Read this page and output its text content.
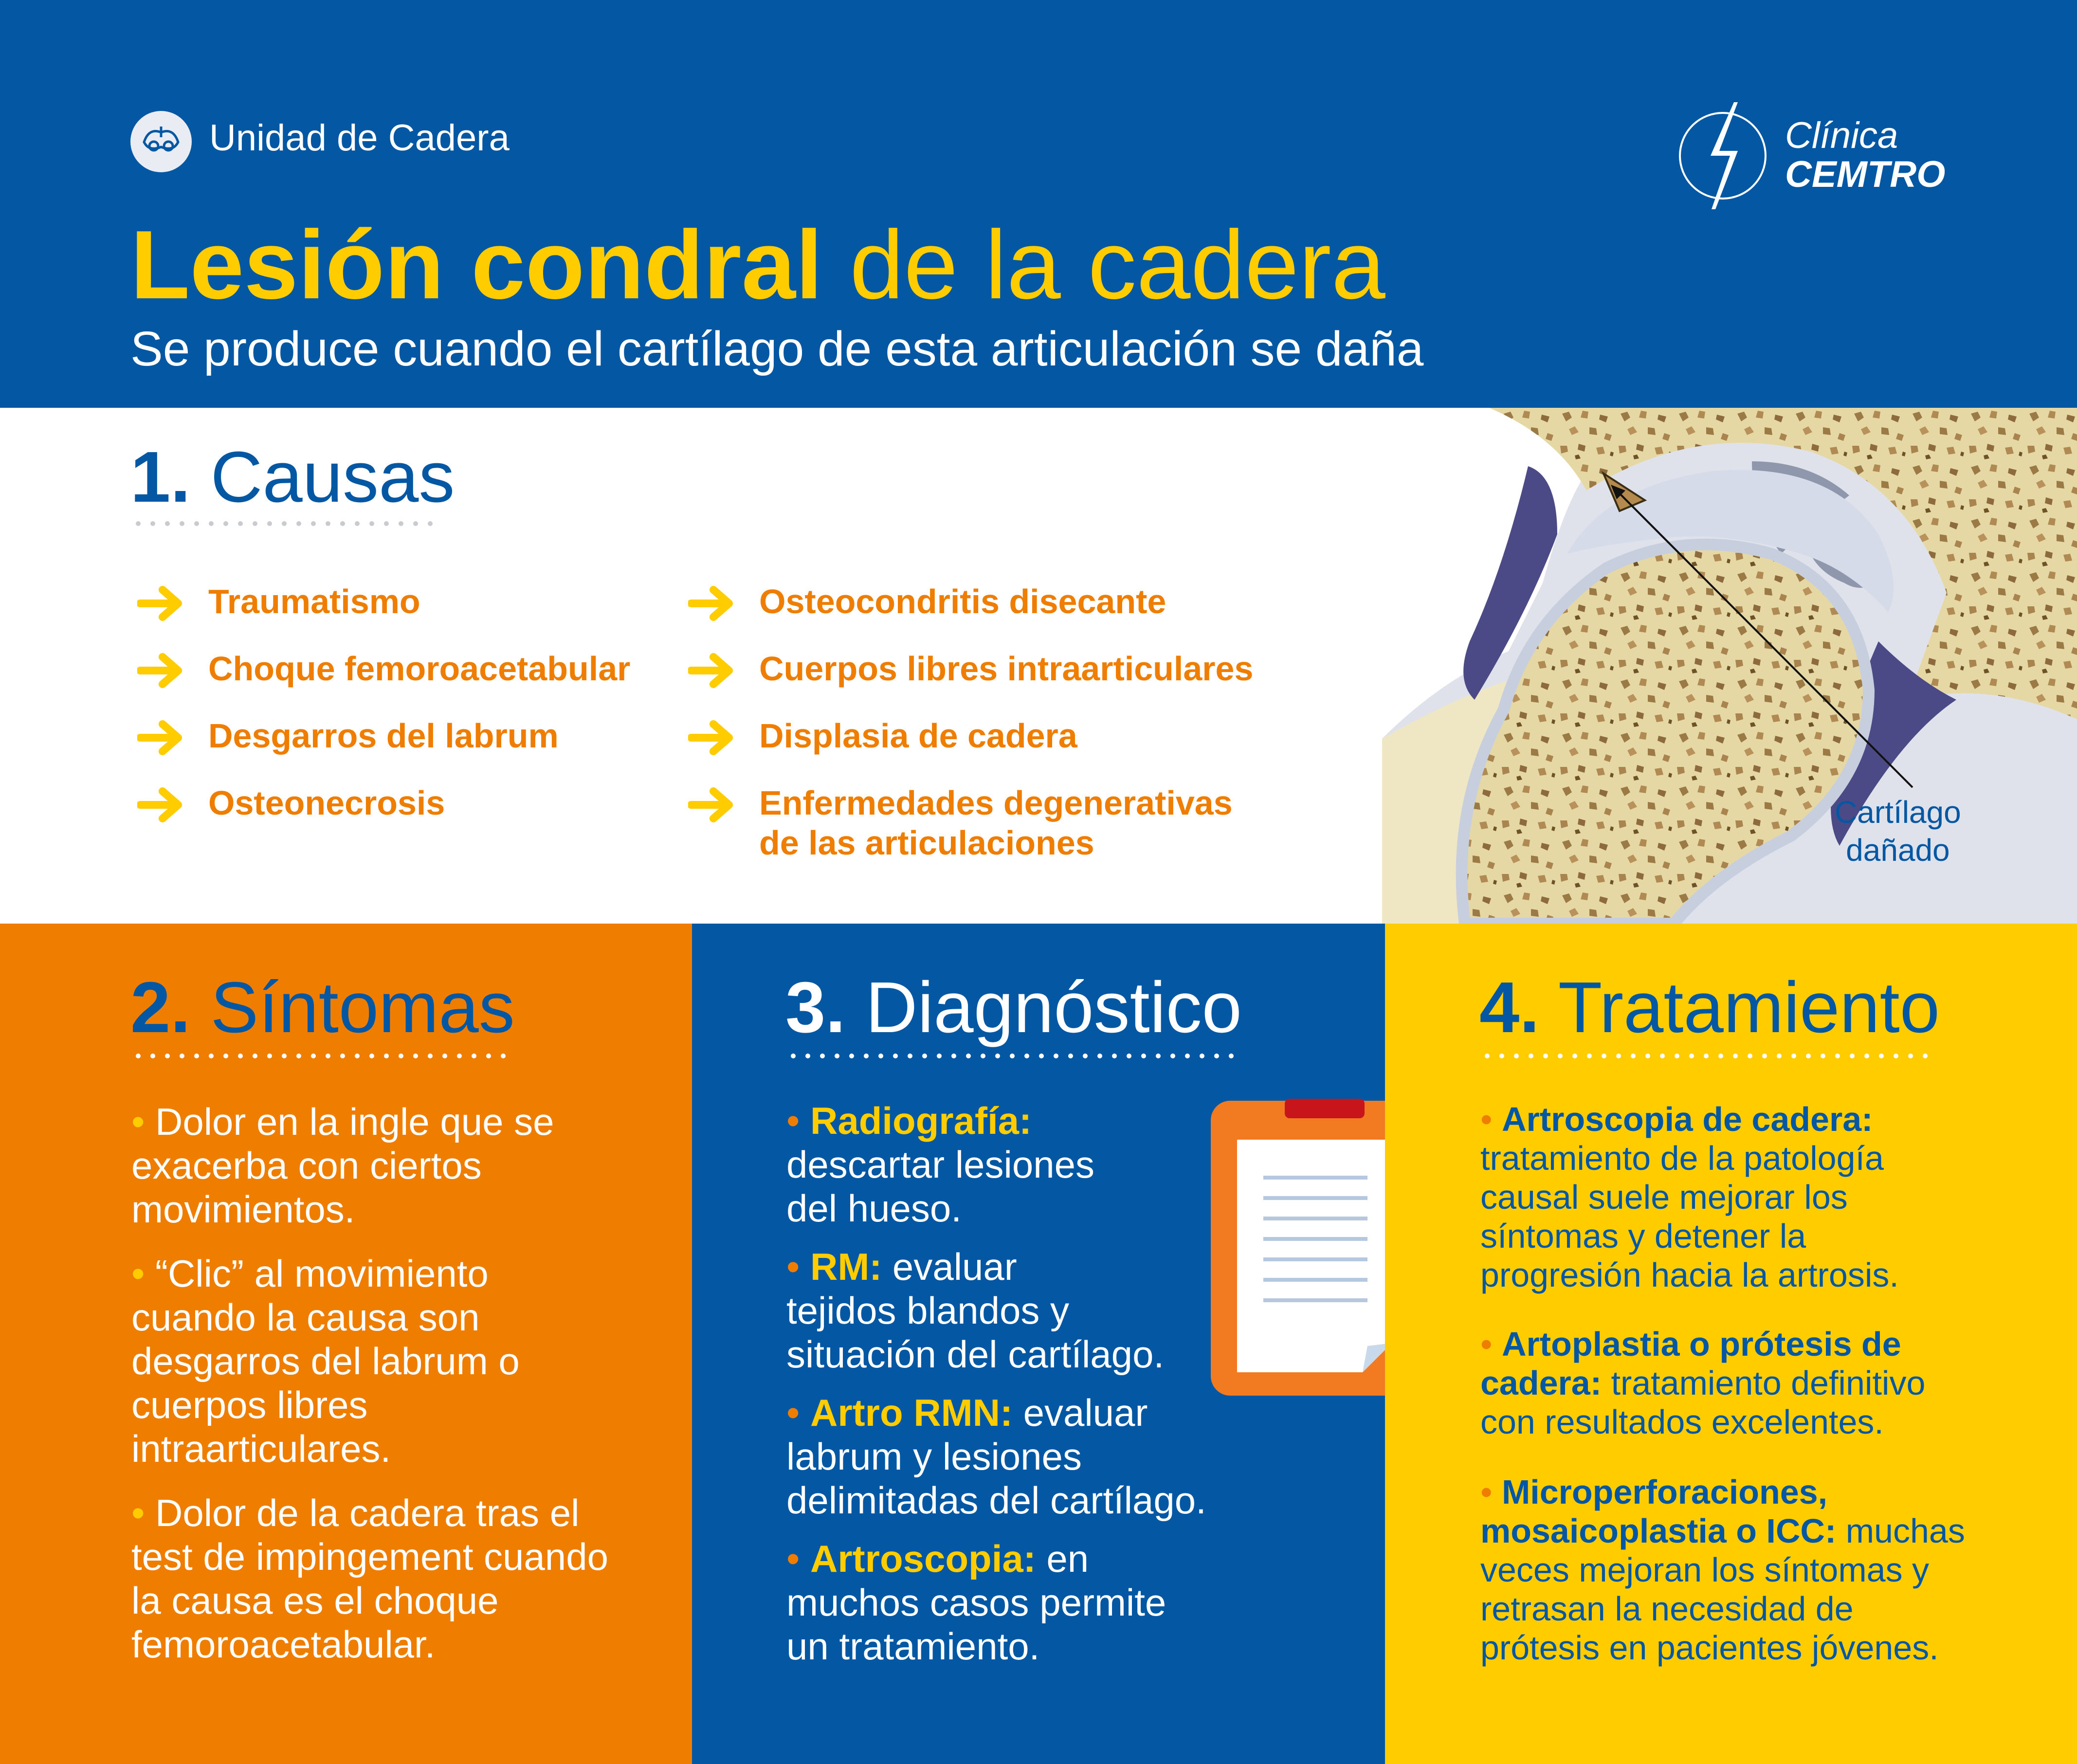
Unidad de Cadera	Clínica
CEMTRO
Lesión condral de la cadera
Se produce cuando el cartílago de esta articulación se daña
1. Causas
Traumatismo
Choque femoroacetabular
Desgarros del labrum
Osteonecrosis
Osteocondritis disecante
Cuerpos libres intraarticulares
Displasia de cadera
Enfermedades degenerativas
de las articulaciones
Cartílago
dañado
2. Síntomas
• Dolor en la ingle que se
exacerba con ciertos
movimientos.
• “Clic” al movimiento
cuando la causa son
desgarros del labrum o
cuerpos libres
intraarticulares.
• Dolor de la cadera tras el
test de impingement cuando
la causa es el choque
femoroacetabular.
3. Diagnóstico
• Radiografía:
descartar lesiones
del hueso.
• RM: evaluar
tejidos blandos y
situación del cartílago.
• Artro RMN: evaluar
labrum y lesiones
delimitadas del cartílago.
• Artroscopia: en
muchos casos permite
un tratamiento.
4. Tratamiento
• Artroscopia de cadera:
tratamiento de la patología
causal suele mejorar los
síntomas y detener la
progresión hacia la artrosis.
• Artoplastia o prótesis de
cadera: tratamiento definitivo
con resultados excelentes.
• Microperforaciones,
mosaicoplastia o ICC: muchas
veces mejoran los síntomas y
retrasan la necesidad de
prótesis en pacientes jóvenes.
